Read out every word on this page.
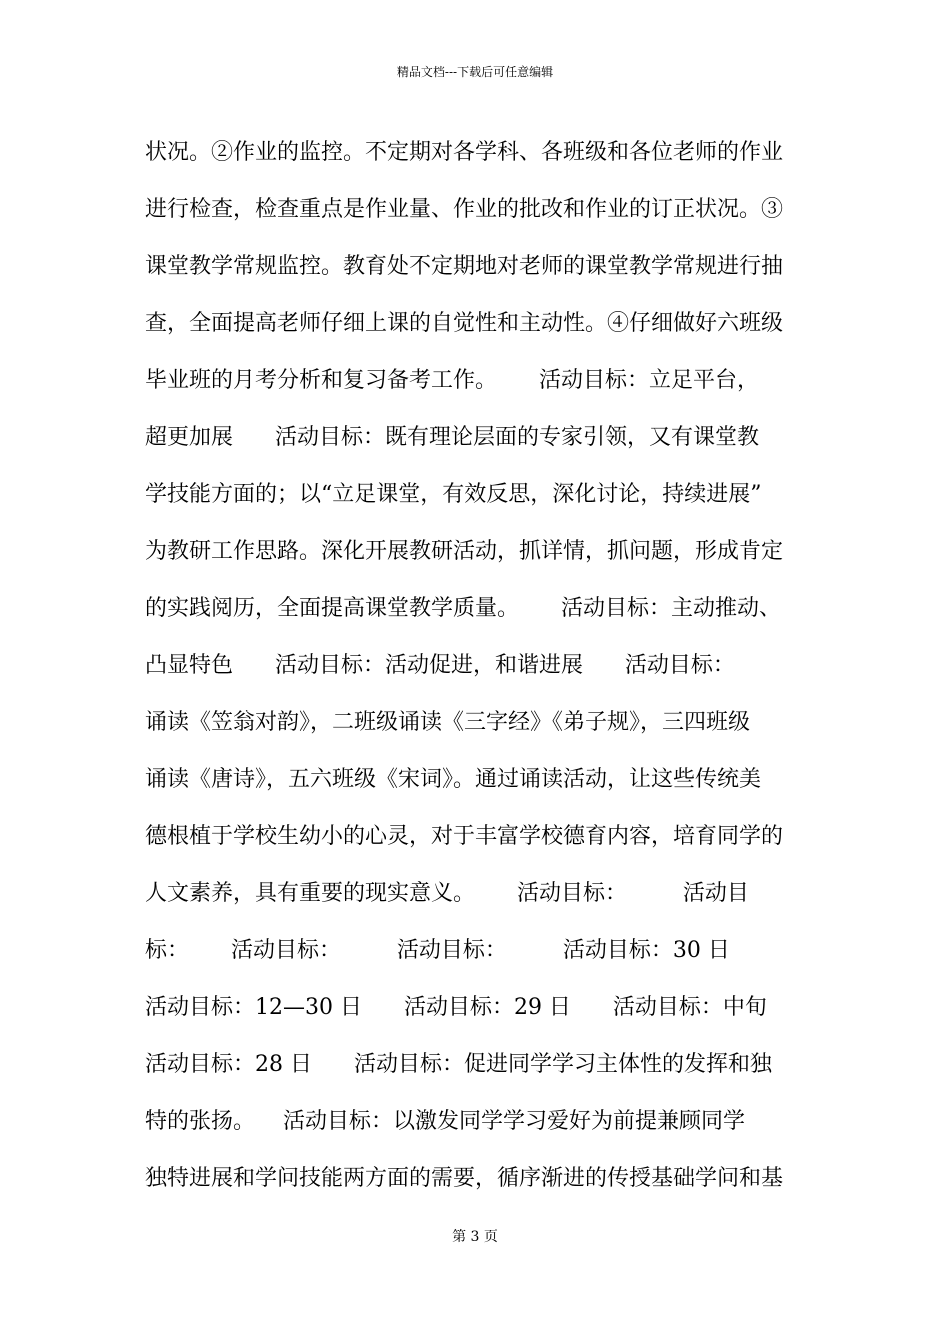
精品文档---下载后可任意编辑
状况。②作业的监控。不定期对各学科、各班级和各位老师的作业
进行检查，检查重点是作业量、作业的批改和作业的订正状况。③
课堂教学常规监控。教育处不定期地对老师的课堂教学常规进行抽
查，全面提高老师仔细上课的自觉性和主动性。④仔细做好六班级
毕业班的月考分析和复习备考工作。      活动目标：立足平台，
超更加展      活动目标：既有理论层面的专家引领，又有课堂教
学技能方面的；以“立足课堂，有效反思，深化讨论，持续进展”
为教研工作思路。深化开展教研活动，抓详情，抓问题，形成肯定
的实践阅历，全面提高课堂教学质量。      活动目标：主动推动、
凸显特色      活动目标：活动促进，和谐进展      活动目标：
诵读《笠翁对韵》，二班级诵读《三字经》《弟子规》，三四班级
诵读《唐诗》，五六班级《宋词》。通过诵读活动，让这些传统美
德根植于学校生幼小的心灵，对于丰富学校德育内容，培育同学的
人文素养，具有重要的现实意义。      活动目标：        活动目
标：      活动目标：        活动目标：        活动目标：30 日
活动目标：12—30 日      活动目标：29 日      活动目标：中旬
活动目标：28 日      活动目标：促进同学学习主体性的发挥和独
特的张扬。    活动目标：以激发同学学习爱好为前提兼顾同学
独特进展和学问技能两方面的需要，循序渐进的传授基础学问和基
第 3 页
